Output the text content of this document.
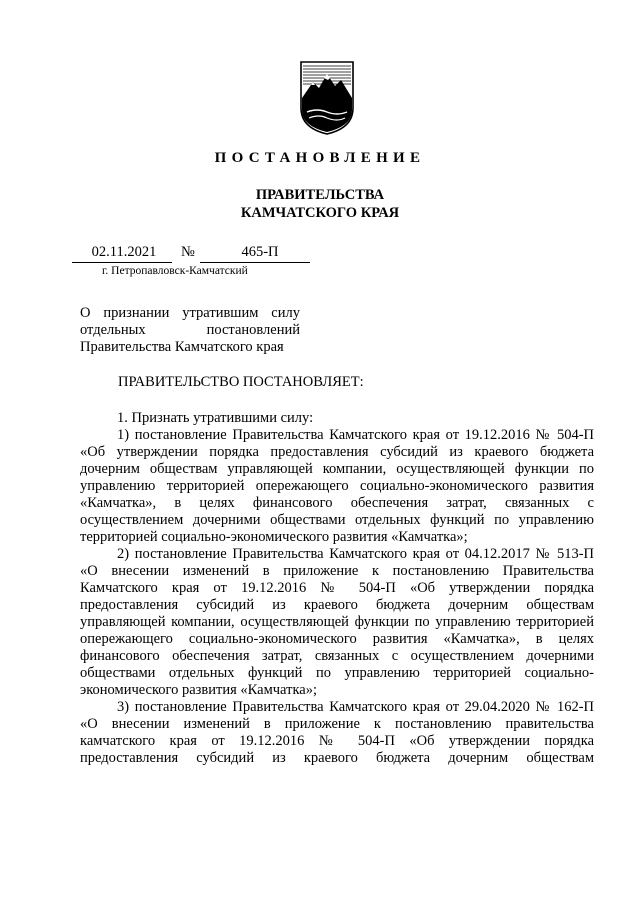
ПОСТАНОВЛЕНИЕ
ПРАВИТЕЛЬСТВА
КАМЧАТСКОГО КРАЯ
02.11.2021	№	465-П
г. Петропавловск-Камчатский
О признании утратившим силу
отдельных постановлений
Правительства Камчатского края
ПРАВИТЕЛЬСТВО ПОСТАНОВЛЯЕТ:
1. Признать утратившими силу:
1) постановление Правительства Камчатского края от 19.12.2016 № 504-П
«Об утверждении порядка предоставления субсидий из краевого бюджета
дочерним обществам управляющей компании, осуществляющей функции по
управлению территорией опережающего социально-экономического развития
«Камчатка», в целях финансового обеспечения затрат, связанных с
осуществлением дочерними обществами отдельных функций по управлению
территорией социально-экономического развития «Камчатка»;
2) постановление Правительства Камчатского края от 04.12.2017 № 513-П
«О внесении изменений в приложение к постановлению Правительства
Камчатского края от 19.12.2016 № 504-П «Об утверждении порядка
предоставления субсидий из краевого бюджета дочерним обществам
управляющей компании, осуществляющей функции по управлению территорией
опережающего социально-экономического развития «Камчатка», в целях
финансового обеспечения затрат, связанных с осуществлением дочерними
обществами отдельных функций по управлению территорией социально-
экономического развития «Камчатка»;
3) постановление Правительства Камчатского края от 29.04.2020 № 162-П
«О внесении изменений в приложение к постановлению правительства
камчатского края от 19.12.2016 № 504-П «Об утверждении порядка
предоставления субсидий из краевого бюджета дочерним обществам
